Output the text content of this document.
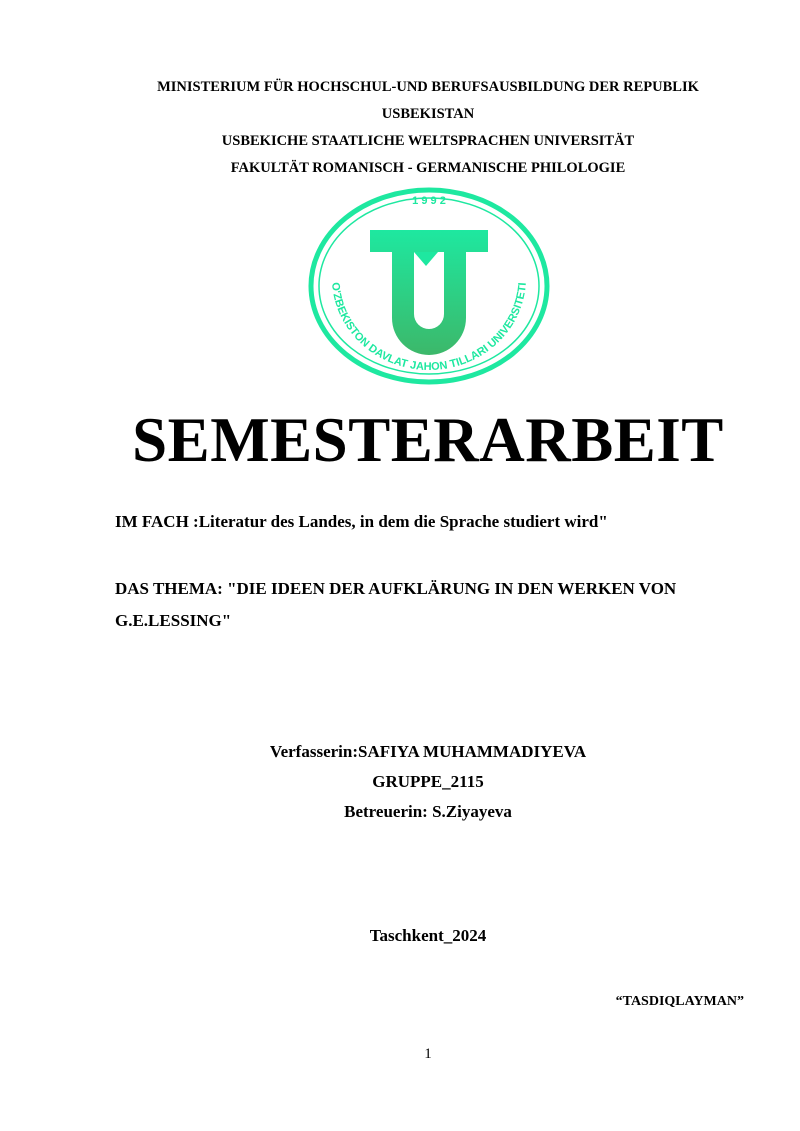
MINISTERIUM FÜR HOCHSCHUL-UND BERUFSAUSBILDUNG DER REPUBLIK
USBEKISTAN
USBEKICHE STAATLICHE WELTSPRACHEN UNIVERSITÄT
FAKULTÄT ROMANISCH - GERMANISCHE PHILOLOGIE
1 9 9 2
O'ZBEKISTON DAVLAT JAHON TILLARI UNIVERSITETI
SEMESTERARBEIT
IM FACH :Literatur des Landes, in dem die Sprache studiert wird"
DAS THEMA: "DIE IDEEN DER AUFKLÄRUNG IN DEN WERKEN VON
G.E.LESSING"
Verfasserin:SAFIYA MUHAMMADIYEVA
GRUPPE_2115
Betreuerin: S.Ziyayeva
Taschkent_2024
“TASDIQLAYMAN”
1
